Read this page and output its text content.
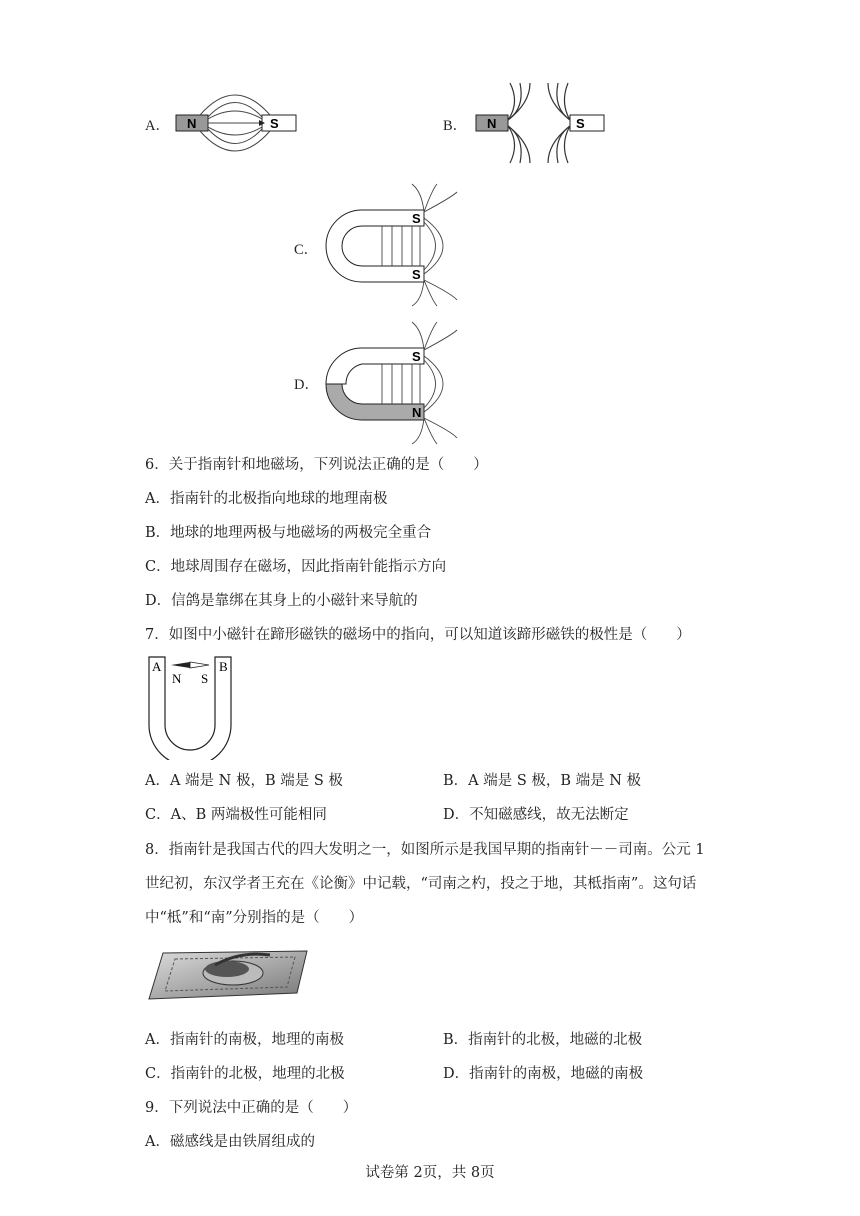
A． N	S	B． N	S
C．
S
S
D．
S
N
6．关于指南针和地磁场，下列说法正确的是（　　）
A．指南针的北极指向地球的地理南极
B．地球的地理两极与地磁场的两极完全重合
C．地球周围存在磁场，因此指南针能指示方向
D．信鸽是靠绑在其身上的小磁针来导航的
7．如图中小磁针在蹄形磁铁的磁场中的指向，可以知道该蹄形磁铁的极性是（　　）
A	B
N S
A．A 端是 N 极，B 端是 S 极	B．A 端是 S 极，B 端是 N 极
C．A、B 两端极性可能相同	D．不知磁感线，故无法断定
8．指南针是我国古代的四大发明之一，如图所示是我国早期的指南针－－司南。公元 1
世纪初，东汉学者王充在《论衡》中记载，“司南之杓，投之于地，其柢指南”。这句话
中“柢”和“南”分别指的是（　　）
A．指南针的南极，地理的南极	B．指南针的北极，地磁的北极
C．指南针的北极，地理的北极	D．指南针的南极，地磁的南极
9．下列说法中正确的是（　　）
A．磁感线是由铁屑组成的
试卷第 2页，共 8页
